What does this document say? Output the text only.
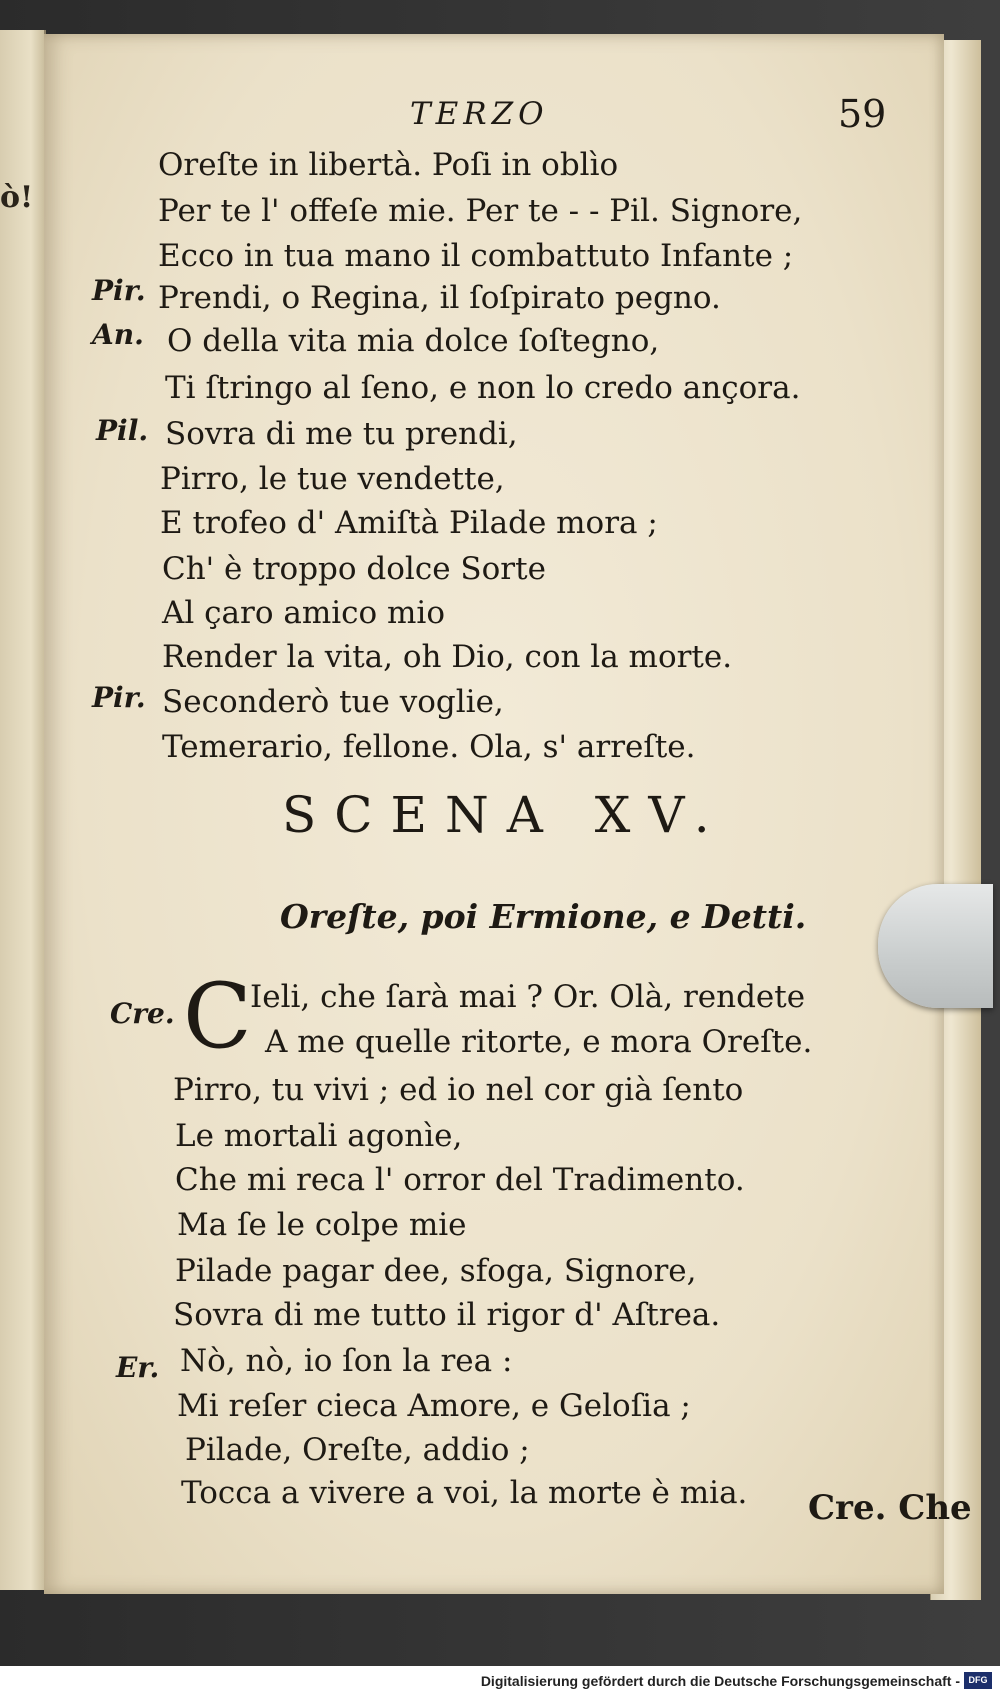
ò!
TERZO	59
Pir.
An.
Pil.
Pir.
Oreſte in libertà. Poſi in oblìo
Per te l' offeſe mie. Per te - - Pil. Signore,
Ecco in tua mano il combattuto Infante ;
Prendi, o Regina, il ſoſpirato pegno.
O della vita mia dolce ſoſtegno,
Ti ſtringo al ſeno, e non lo credo ançora.
Sovra di me tu prendi,
Pirro, le tue vendette,
E trofeo d' Amiſtà Pilade mora ;
Ch' è troppo dolce Sorte
Al çaro amico mio
Render la vita, oh Dio, con la morte.
Seconderò tue voglie,
Temerario, fellone. Ola, s' arreſte.
SCENA XV.
Oreſte, poi Ermione, e Detti.
Cre. C
Ieli, che ſarà mai ? Or. Olà, rendete
A me quelle ritorte, e mora Oreſte.
Pirro, tu vivi ; ed io nel cor già ſento
Le mortali agonìe,
Che mi reca l' orror del Tradimento.
Ma ſe le colpe mie
Pilade pagar dee, sfoga, Signore,
Sovra di me tutto il rigor d' Aſtrea.
Er. Nò, nò, io ſon la rea :
Mi reſer cieca Amore, e Geloſia ;
Pilade, Oreſte, addio ;
Tocca a vivere a voi, la morte è mia. Cre. Che
Digitalisierung gefördert durch die Deutsche Forschungsgemeinschaft - DFG
